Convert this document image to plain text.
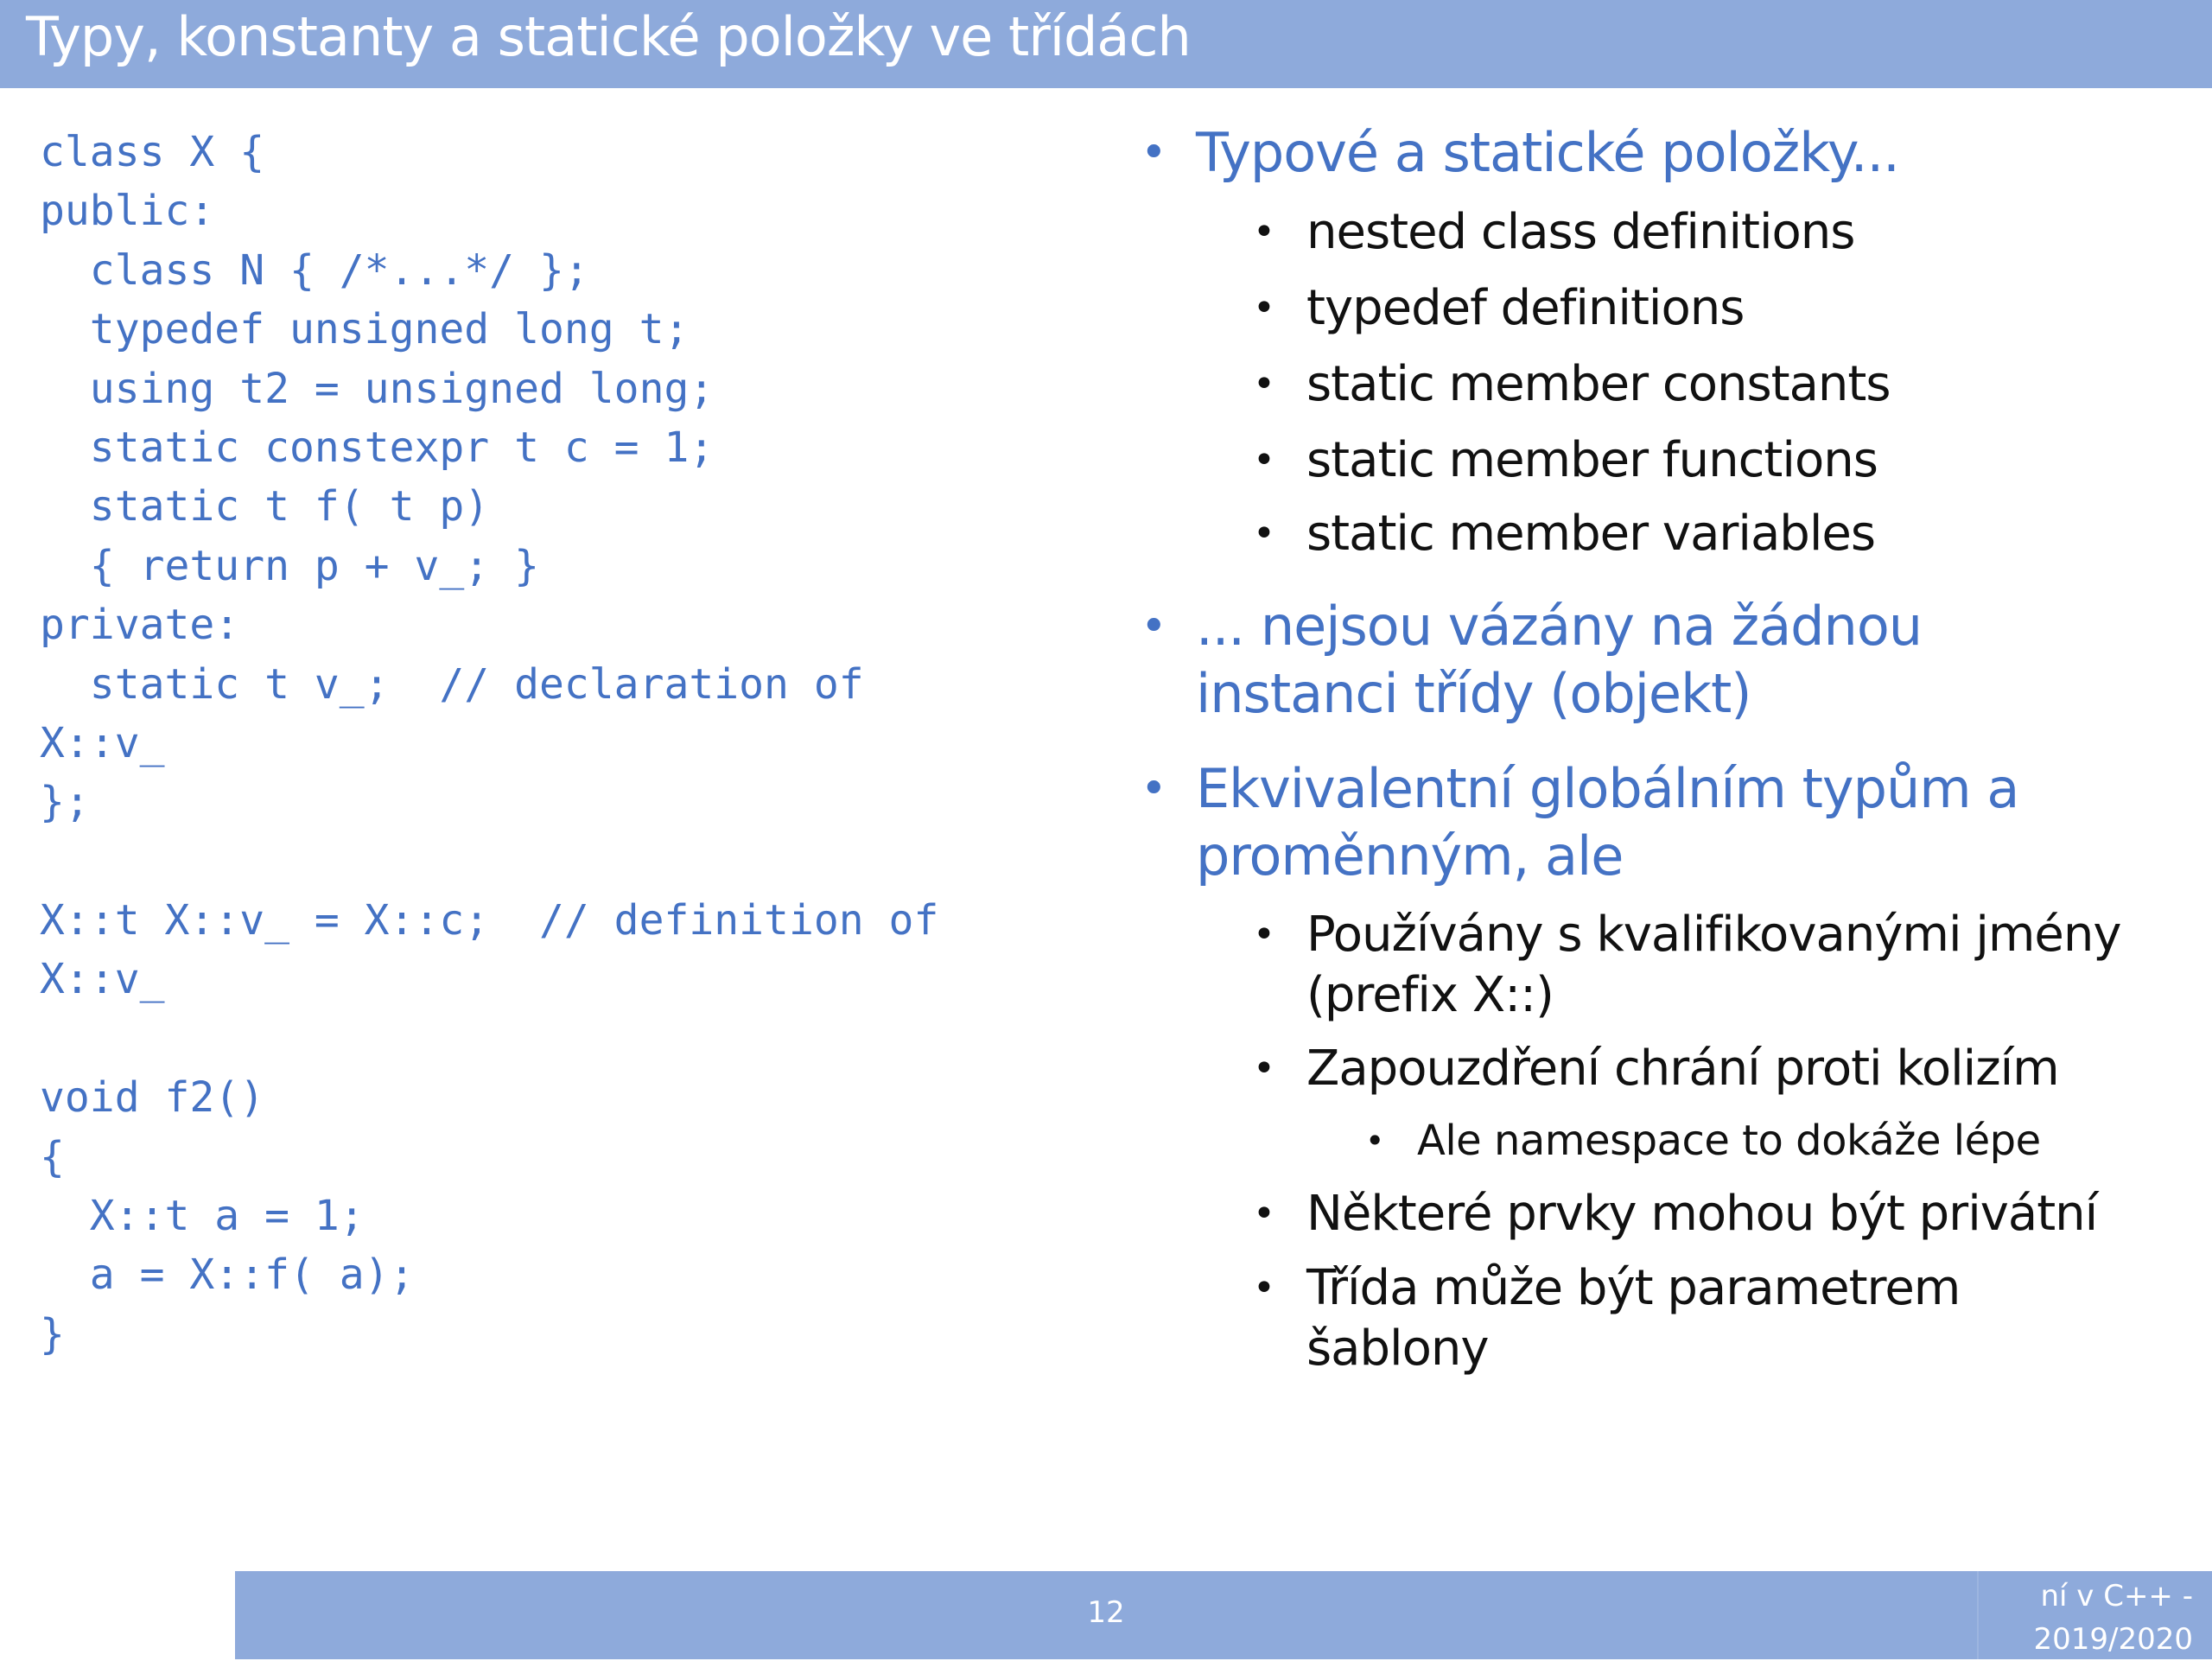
Typy, konstanty a statické položky ve třídách
class X {
public:
class N { /*...*/ };
typedef unsigned long t;
using t2 = unsigned long;
static constexpr t c = 1;
static t f( t p)
{ return p + v_; }
private:
static t v_;  // declaration of
X::v_
};
X::t X::v_ = X::c;  // definition of
X::v_
void f2()
{
X::t a = 1;
a = X::f( a);
}
• Typové a statické položky...
• nested class definitions
• typedef definitions
• static member constants
• static member functions
• static member variables
• ... nejsou vázány na žádnou
instanci třídy (objekt)
• Ekvivalentní globálním typům a
proměnným, ale
• Používány s kvalifikovanými jmény
(prefix X::)
• Zapouzdření chrání proti kolizím
• Ale namespace to dokáže lépe
• Některé prvky mohou být privátní
• Třída může být parametrem
šablony
12	ní v C++ -
2019/2020
